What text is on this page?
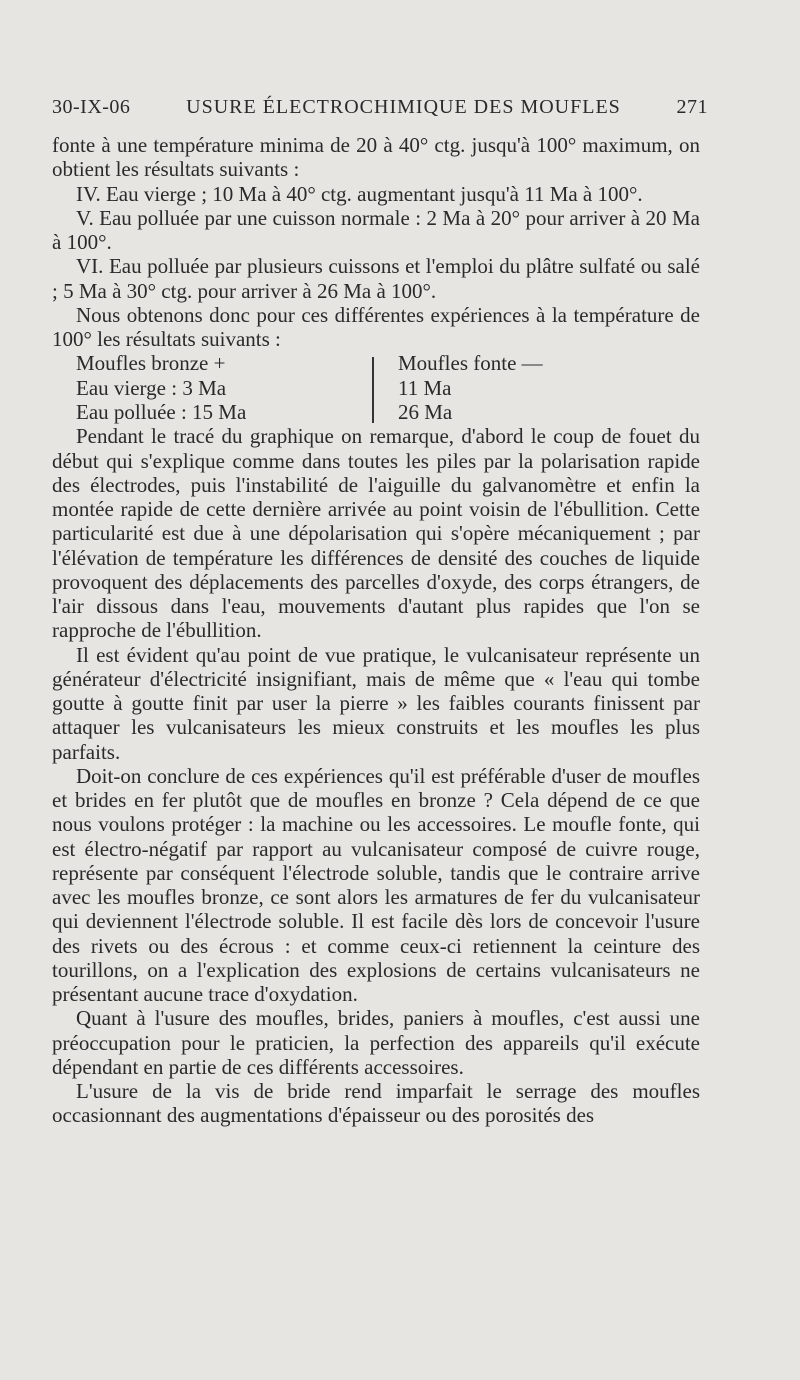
30-IX-06	USURE ÉLECTROCHIMIQUE DES MOUFLES	271

fonte à une température minima de 20 à 40° ctg. jusqu'à 100° maximum, on obtient les résultats suivants :

IV. Eau vierge ; 10 Ma à 40° ctg. augmentant jusqu'à 11 Ma à 100°.

V. Eau polluée par une cuisson normale : 2 Ma à 20° pour arriver à 20 Ma à 100°.

VI. Eau polluée par plusieurs cuissons et l'emploi du plâtre sulfaté ou salé ; 5 Ma à 30° ctg. pour arriver à 26 Ma à 100°.

Nous obtenons donc pour ces différentes expériences à la température de 100° les résultats suivants :

Moufles bronze +
Eau vierge : 3 Ma
Eau polluée : 15 Ma
Moufles fonte —
11 Ma
26 Ma

Pendant le tracé du graphique on remarque, d'abord le coup de fouet du début qui s'explique comme dans toutes les piles par la polarisation rapide des électrodes, puis l'instabilité de l'aiguille du galvanomètre et enfin la montée rapide de cette dernière arrivée au point voisin de l'ébullition. Cette particularité est due à une dépolarisation qui s'opère mécaniquement ; par l'élévation de température les différences de densité des couches de liquide provoquent des déplacements des parcelles d'oxyde, des corps étrangers, de l'air dissous dans l'eau, mouvements d'autant plus rapides que l'on se rapproche de l'ébullition.

Il est évident qu'au point de vue pratique, le vulcanisateur représente un générateur d'électricité insignifiant, mais de même que « l'eau qui tombe goutte à goutte finit par user la pierre » les faibles courants finissent par attaquer les vulcanisateurs les mieux construits et les moufles les plus parfaits.

Doit-on conclure de ces expériences qu'il est préférable d'user de moufles et brides en fer plutôt que de moufles en bronze ? Cela dépend de ce que nous voulons protéger : la machine ou les accessoires. Le moufle fonte, qui est électro-négatif par rapport au vulcanisateur composé de cuivre rouge, représente par conséquent l'électrode soluble, tandis que le contraire arrive avec les moufles bronze, ce sont alors les armatures de fer du vulcanisateur qui deviennent l'électrode soluble. Il est facile dès lors de concevoir l'usure des rivets ou des écrous : et comme ceux-ci retiennent la ceinture des tourillons, on a l'explication des explosions de certains vulcanisateurs ne présentant aucune trace d'oxydation.

Quant à l'usure des moufles, brides, paniers à moufles, c'est aussi une préoccupation pour le praticien, la perfection des appareils qu'il exécute dépendant en partie de ces différents accessoires.

L'usure de la vis de bride rend imparfait le serrage des moufles occasionnant des augmentations d'épaisseur ou des porosités des
